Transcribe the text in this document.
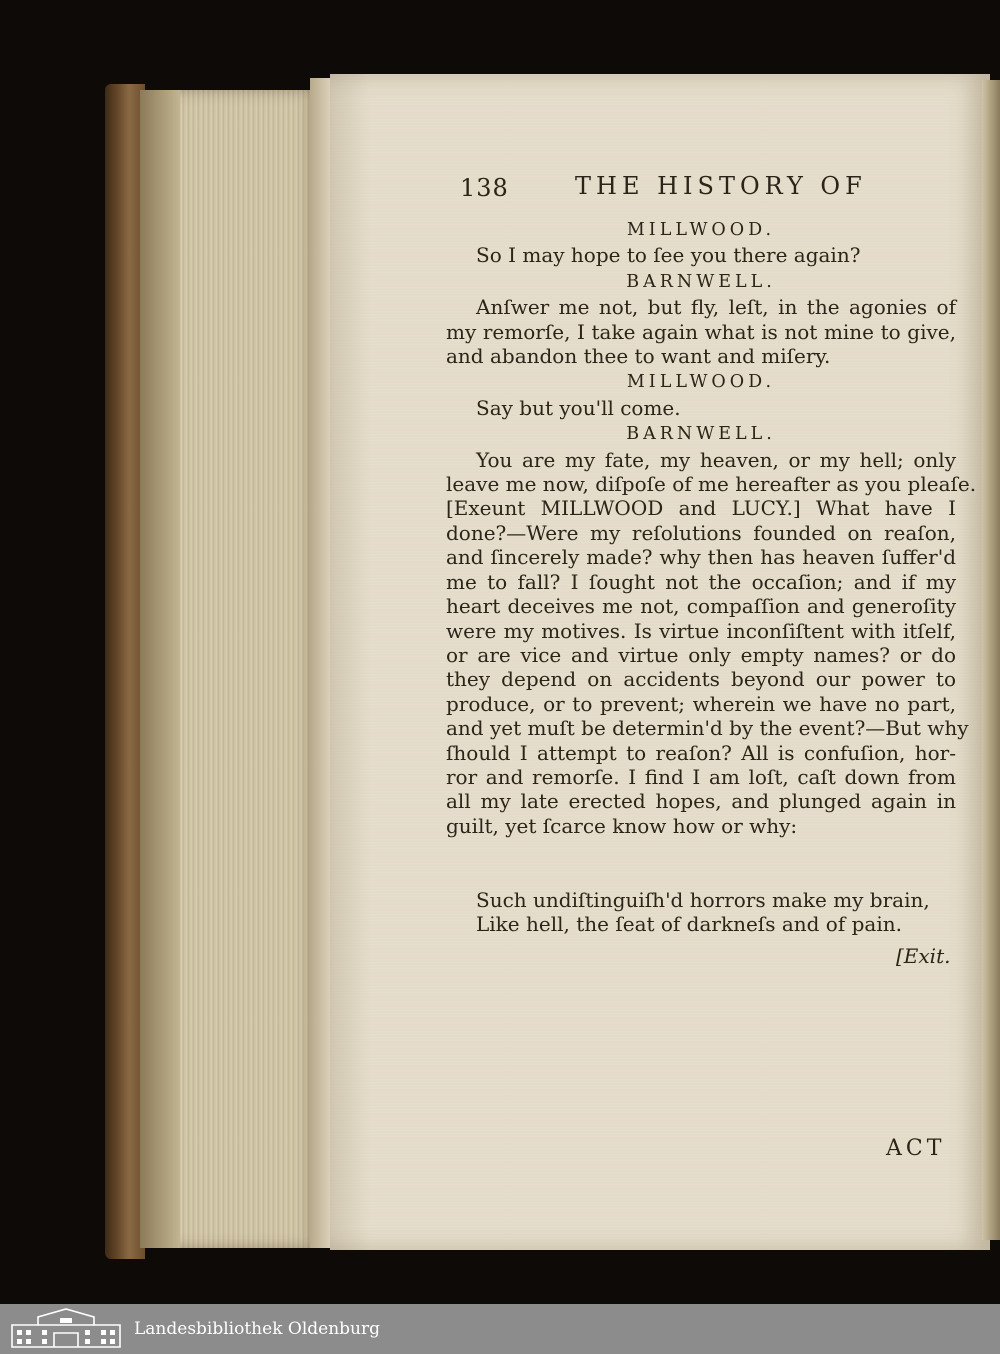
138	THE HISTORY OF
MILLWOOD.
So I may hope to ſee you there again?
BARNWELL.
Anſwer me not, but fly, leſt, in the agonies of
my remorſe, I take again what is not mine to give,
and abandon thee to want and miſery.
MILLWOOD.
Say but you'll come.
BARNWELL.
You are my fate, my heaven, or my hell; only
leave me now, diſpoſe of me hereafter as you pleaſe.
[Exeunt MILLWOOD and LUCY.] What have I
done?—Were my reſolutions founded on reaſon,
and ſincerely made? why then has heaven ſuffer'd
me to fall? I ſought not the occaſion; and if my
heart deceives me not, compaſſion and generoſity
were my motives. Is virtue inconſiſtent with itſelf,
or are vice and virtue only empty names? or do
they depend on accidents beyond our power to
produce, or to prevent; wherein we have no part,
and yet muſt be determin'd by the event?—But why
ſhould I attempt to reaſon? All is confuſion, hor-
ror and remorſe. I find I am loſt, caſt down from
all my late erected hopes, and plunged again in
guilt, yet ſcarce know how or why:
Such undiſtinguiſh'd horrors make my brain,
Like hell, the ſeat of darkneſs and of pain.
[Exit.
ACT
Landesbibliothek Oldenburg
